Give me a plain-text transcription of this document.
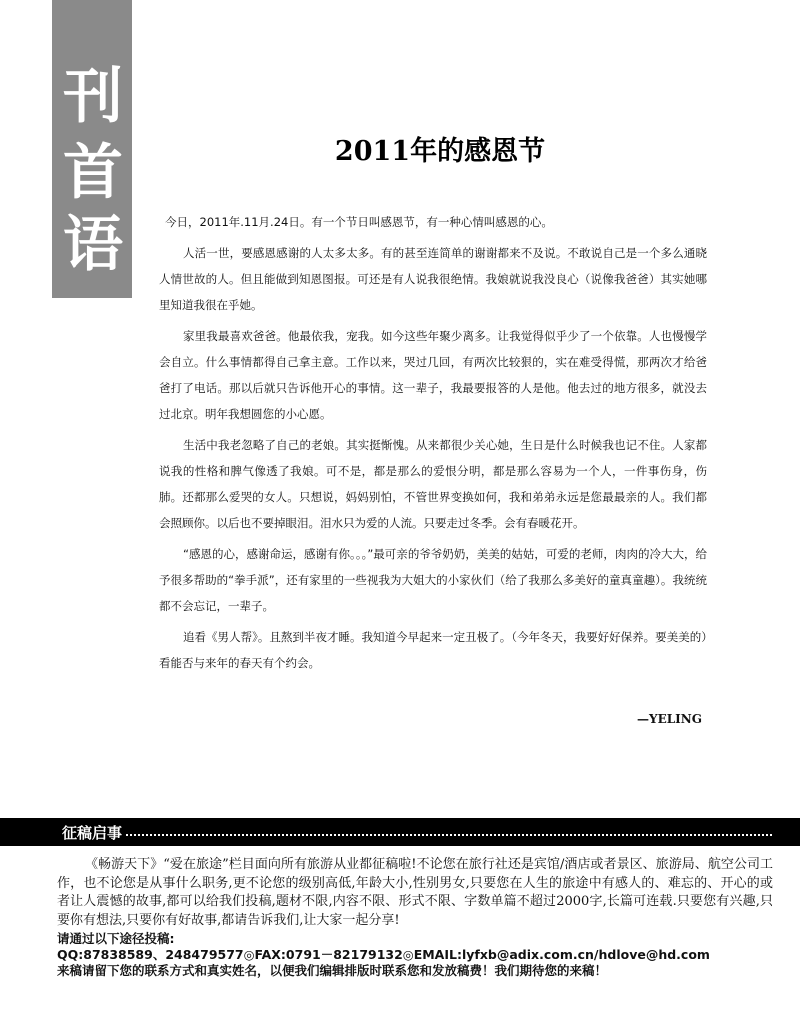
刊
首
语
2011年的感恩节

今日，2011年.11月.24日。有一个节日叫感恩节，有一种心情叫感恩的心。

人活一世，要感恩感谢的人太多太多。有的甚至连简单的谢谢都来不及说。不敢说自己是一个多么通晓人情世故的人。但且能做到知恩图报。可还是有人说我很绝情。我娘就说我没良心（说像我爸爸）其实她哪里知道我很在乎她。

家里我最喜欢爸爸。他最依我，宠我。如今这些年聚少离多。让我觉得似乎少了一个依靠。人也慢慢学会自立。什么事情都得自己拿主意。工作以来，哭过几回，有两次比较狠的，实在难受得慌，那两次才给爸爸打了电话。那以后就只告诉他开心的事情。这一辈子，我最要报答的人是他。他去过的地方很多，就没去过北京。明年我想圆您的小心愿。

生活中我老忽略了自己的老娘。其实挺惭愧。从来都很少关心她，生日是什么时候我也记不住。人家都说我的性格和脾气像透了我娘。可不是，都是那么的爱恨分明，都是那么容易为一个人，一件事伤身，伤肺。还都那么爱哭的女人。只想说，妈妈别怕，不管世界变换如何，我和弟弟永远是您最最亲的人。我们都会照顾你。以后也不要掉眼泪。泪水只为爱的人流。只要走过冬季。会有春暖花开。

“感恩的心，感谢命运，感谢有你。。。”最可亲的爷爷奶奶，美美的姑姑，可爱的老师，肉肉的冷大大，给予很多帮助的“拳手派”，还有家里的一些视我为大姐大的小家伙们（给了我那么多美好的童真童趣）。我统统都不会忘记，一辈子。

追看《男人帮》。且熬到半夜才睡。我知道今早起来一定丑极了。（今年冬天，我要好好保养。要美美的）看能否与来年的春天有个约会。

—YELING
征稿启事

《畅游天下》“爱在旅途”栏目面向所有旅游从业都征稿啦!不论您在旅行社还是宾馆/酒店或者景区、旅游局、航空公司工作，也不论您是从事什么职务,更不论您的级别高低,年龄大小,性别男女,只要您在人生的旅途中有感人的、难忘的、开心的或者让人震憾的故事,都可以给我们投稿,题材不限,内容不限、形式不限、字数单篇不超过2000字,长篇可连载.只要您有兴趣,只要你有想法,只要你有好故事,都请告诉我们,让大家一起分享!

请通过以下途径投稿:

QQ:87838589、248479577◎FAX:0791－82179132◎EMAIL:lyfxb@adix.com.cn/hdlove@hd.com

来稿请留下您的联系方式和真实姓名，以便我们编辑排版时联系您和发放稿费！我们期待您的来稿！
